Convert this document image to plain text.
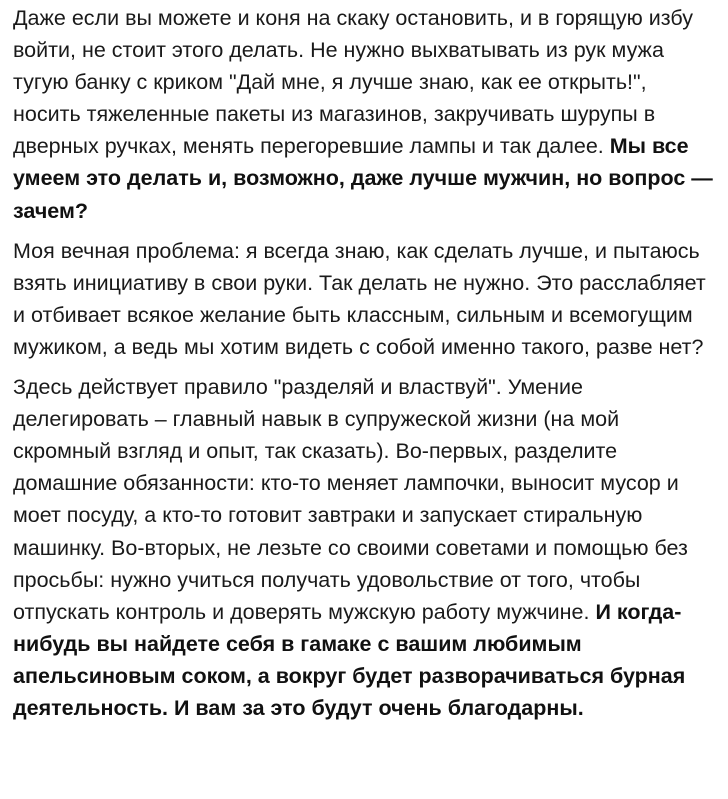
Даже если вы можете и коня на скаку остановить, и в горящую избу войти, не стоит этого делать. Не нужно выхватывать из рук мужа тугую банку с криком "Дай мне, я лучше знаю, как ее открыть!", носить тяжеленные пакеты из магазинов, закручивать шурупы в дверных ручках, менять перегоревшие лампы и так далее. Мы все умеем это делать и, возможно, даже лучше мужчин, но вопрос — зачем?

Моя вечная проблема: я всегда знаю, как сделать лучше, и пытаюсь взять инициативу в свои руки. Так делать не нужно. Это расслабляет и отбивает всякое желание быть классным, сильным и всемогущим мужиком, а ведь мы хотим видеть с собой именно такого, разве нет?

Здесь действует правило "разделяй и властвуй". Умение делегировать – главный навык в супружеской жизни (на мой скромный взгляд и опыт, так сказать). Во-первых, разделите домашние обязанности: кто-то меняет лампочки, выносит мусор и моет посуду, а кто-то готовит завтраки и запускает стиральную машинку. Во-вторых, не лезьте со своими советами и помощью без просьбы: нужно учиться получать удовольствие от того, чтобы отпускать контроль и доверять мужскую работу мужчине. И когда-нибудь вы найдете себя в гамаке с вашим любимым апельсиновым соком, а вокруг будет разворачиваться бурная деятельность. И вам за это будут очень благодарны.
